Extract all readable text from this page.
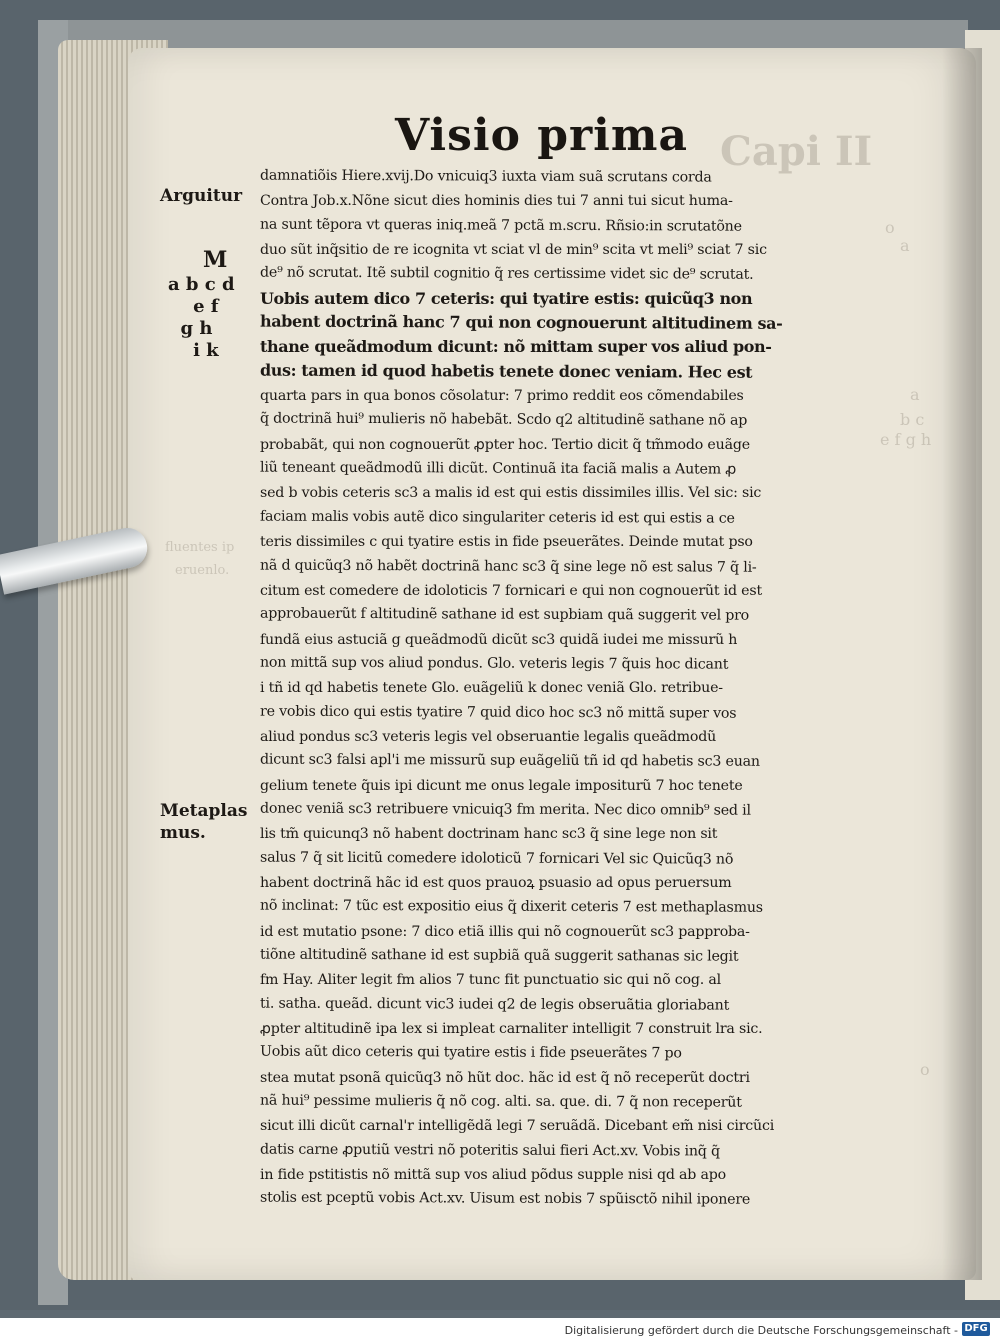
Capi II
o
a
a
b c
e f g h
fluentes ip
eruenlo.
o
Visio prima
Arguitur
M
a b c d
e f
g h
i k
Metaplas
mus.
damnatiõis Hiere.xvij.Do vnicuiq3 iuxta viam suã scrutans corda
Contra Job.x.Nõne sicut dies hominis dies tui 7 anni tui sicut huma-
na sunt tẽpora vt queras iniq.meã 7 pctã m.scru. Rñsio:in scrutatõne
duo sũt inq̃sitio de re icognita vt sciat vl de min⁹ scita vt meli⁹ sciat 7 sic
de⁹ nõ scrutat. Itẽ subtil cognitio q̃ res certissime videt sic de⁹ scrutat.
Uobis autem dico 7 ceteris: qui tyatire estis: quicũq3 non
habent doctrinã hanc 7 qui non cognouerunt altitudinem sa-
thane queãdmodum dicunt: nõ mittam super vos aliud pon-
dus: tamen id quod habetis tenete donec veniam. Hec est
quarta pars in qua bonos cõsolatur: 7 primo reddit eos cõmendabiles
q̃ doctrinã hui⁹ mulieris nõ habebãt. Scdo q2 altitudinẽ sathane nõ ap
probabãt, qui non cognouerũt ꝓpter hoc. Tertio dicit q̃ tm̃modo euãge
liũ teneant queãdmodũ illi dicũt. Continuã ita faciã malis a Autem ꝓ
sed b vobis ceteris sc3 a malis id est qui estis dissimiles illis. Vel sic: sic
faciam malis vobis autẽ dico singulariter ceteris id est qui estis a ce
teris dissimiles c qui tyatire estis in fide pseuerãtes. Deinde mutat pso
nã d quicũq3 nõ habẽt doctrinã hanc sc3 q̃ sine lege nõ est salus 7 q̃ li-
citum est comedere de idoloticis 7 fornicari e qui non cognouerũt id est
approbauerũt f altitudinẽ sathane id est supbiam quã suggerit vel pro
fundã eius astuciã g queãdmodũ dicũt sc3 quidã iudei me missurũ h
non mittã sup vos aliud pondus. Glo. veteris legis 7 q̃uis hoc dicant
i tñ id qd habetis tenete Glo. euãgeliũ k donec veniã Glo. retribue-
re vobis dico qui estis tyatire 7 quid dico hoc sc3 nõ mittã super vos
aliud pondus sc3 veteris legis vel obseruantie legalis queãdmodũ
dicunt sc3 falsi apl'i me missurũ sup euãgeliũ tñ id qd habetis sc3 euan
gelium tenete q̃uis ipi dicunt me onus legale impositurũ 7 hoc tenete
donec veniã sc3 retribuere vnicuiq3 fm merita. Nec dico omnib⁹ sed il
lis tm̃ quicunq3 nõ habent doctrinam hanc sc3 q̃ sine lege non sit
salus 7 q̃ sit licitũ comedere idoloticũ 7 fornicari Vel sic Quicũq3 nõ
habent doctrinã hãc id est quos prauoꝝ psuasio ad opus peruersum
nõ inclinat: 7 tũc est expositio eius q̃ dixerit ceteris 7 est methaplasmus
id est mutatio psone: 7 dico etiã illis qui nõ cognouerũt sc3 papproba-
tiõne altitudinẽ sathane id est supbiã quã suggerit sathanas sic legit
fm Hay. Aliter legit fm alios 7 tunc fit punctuatio sic qui nõ cog. al
ti. satha. queãd. dicunt vic3 iudei q2 de legis obseruãtia gloriabant
ꝓpter altitudinẽ ipa lex si impleat carnaliter intelligit 7 construit lra sic.
Uobis aũt dico ceteris qui tyatire estis i fide pseuerãtes 7 po
stea mutat psonã quicũq3 nõ hũt doc. hãc id est q̃ nõ receperũt doctri
nã hui⁹ pessime mulieris q̃ nõ cog. alti. sa. que. di. 7 q̃ non receperũt
sicut illi dicũt carnal'r intelligẽdã legi 7 seruãdã. Dicebant em̃ nisi circũci
datis carne ꝓputiũ vestri nõ poteritis salui fieri Act.xv. Vobis inq̃ q̃
in fide pstitistis nõ mittã sup vos aliud põdus supple nisi qd ab apo
stolis est pceptũ vobis Act.xv. Uisum est nobis 7 spũisctõ nihil iponere
Digitalisierung gefördert durch die Deutsche Forschungsgemeinschaft - DFG
